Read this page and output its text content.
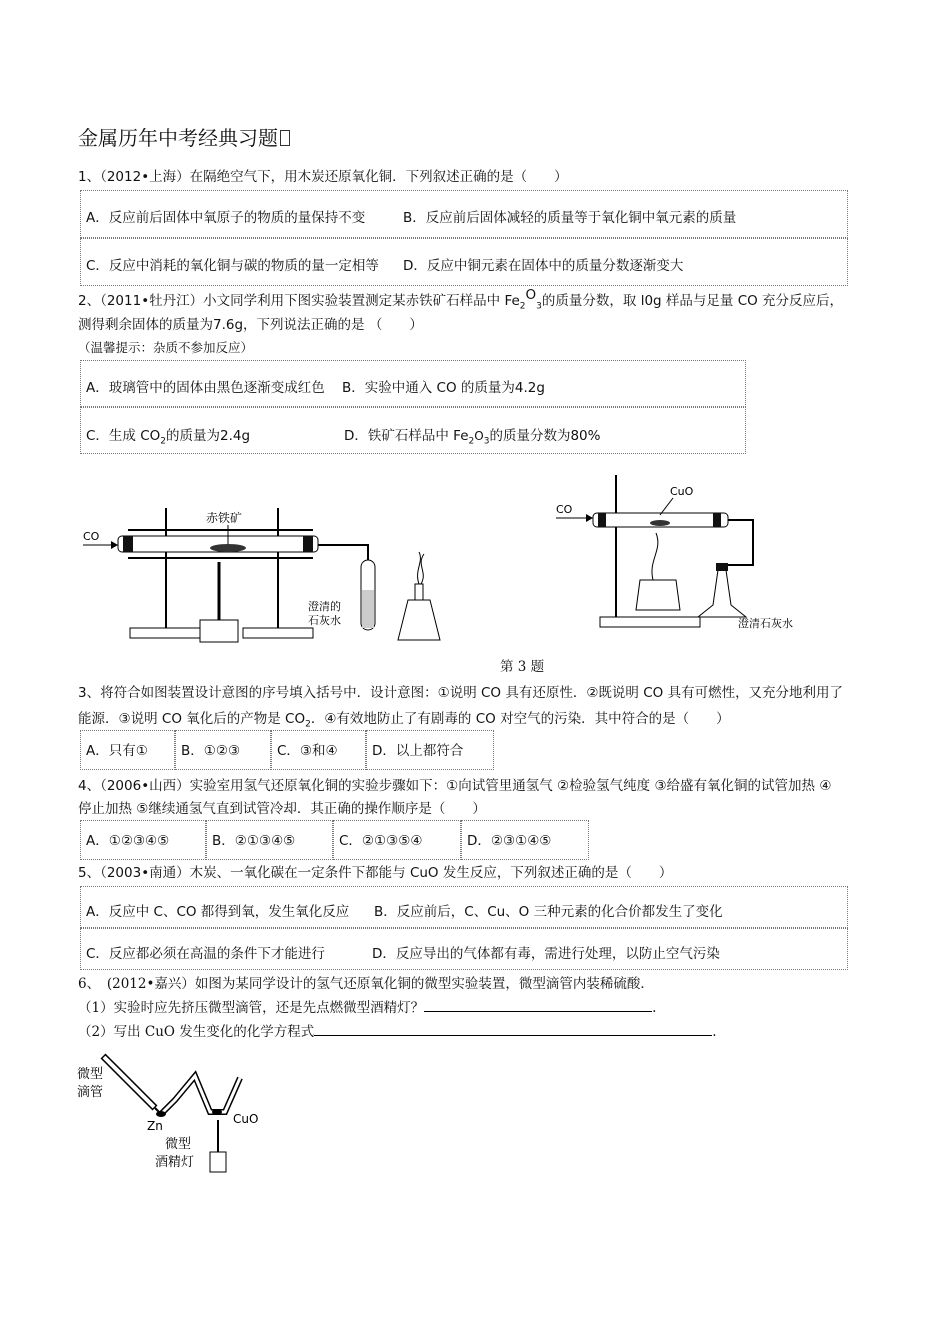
金属历年中考经典习题
1、（2012•上海）在隔绝空气下，用木炭还原氧化铜．下列叙述正确的是（　　）
A．反应前后固体中氧原子的物质的量保持不变	B．反应前后固体减轻的质量等于氧化铜中氧元素的质量
C．反应中消耗的氧化铜与碳的物质的量一定相等 D．反应中铜元素在固体中的质量分数逐渐变大
2、（2011•牡丹江）小文同学利用下图实验装置测定某赤铁矿石样品中 $Fe_2O_3$的质量分数，取 l0g 样品与足量 CO 充分反应后，
测得剩余固体的质量为7.6g，下列说法正确的是 （　　）
（温馨提示：杂质不参加反应）
A．玻璃管中的固体由黑色逐渐变成红色 B．实验中通入 CO 的质量为4.2g
C．生成 $CO_2$的质量为2.4g	D．铁矿石样品中 $Fe_2O_3$的质量分数为80%
CO
赤铁矿
澄清的
石灰水
CO
CuO
澄清石灰水
第 3 题
3、将符合如图装置设计意图的序号填入括号中．设计意图：①说明 CO 具有还原性．②既说明 CO 具有可燃性，又充分地利用了
能源．③说明 CO 氧化后的产物是 $CO_2$．④有效地防止了有剧毒的 CO 对空气的污染．其中符合的是（　　）
A．只有①	B．①②③	C．③和④	D．以上都符合
4、（2006•山西）实验室用氢气还原氧化铜的实验步骤如下：①向试管里通氢气 ②检验氢气纯度 ③给盛有氧化铜的试管加热 ④
停止加热 ⑤继续通氢气直到试管冷却．其正确的操作顺序是（　　）
A．①②③④⑤	B．②①③④⑤	C．②①③⑤④	D．②③①④⑤
5、（2003•南通）木炭、一氧化碳在一定条件下都能与 CuO 发生反应，下列叙述正确的是（　　）
A．反应中 C、CO 都得到氧，发生氧化反应 B．反应前后，C、Cu、O 三种元素的化合价都发生了变化
C．反应都必须在高温的条件下才能进行	D．反应导出的气体都有毒，需进行处理，以防止空气污染
6、　(2012•嘉兴）如图为某同学设计的氢气还原氧化铜的微型实验装置，微型滴管内装稀硫酸．
（1）实验时应先挤压微型滴管，还是先点燃微型酒精灯？	.
（2）写出 CuO 发生变化的化学方程式	.
微型
滴管
Zn	CuO
微型
酒精灯
